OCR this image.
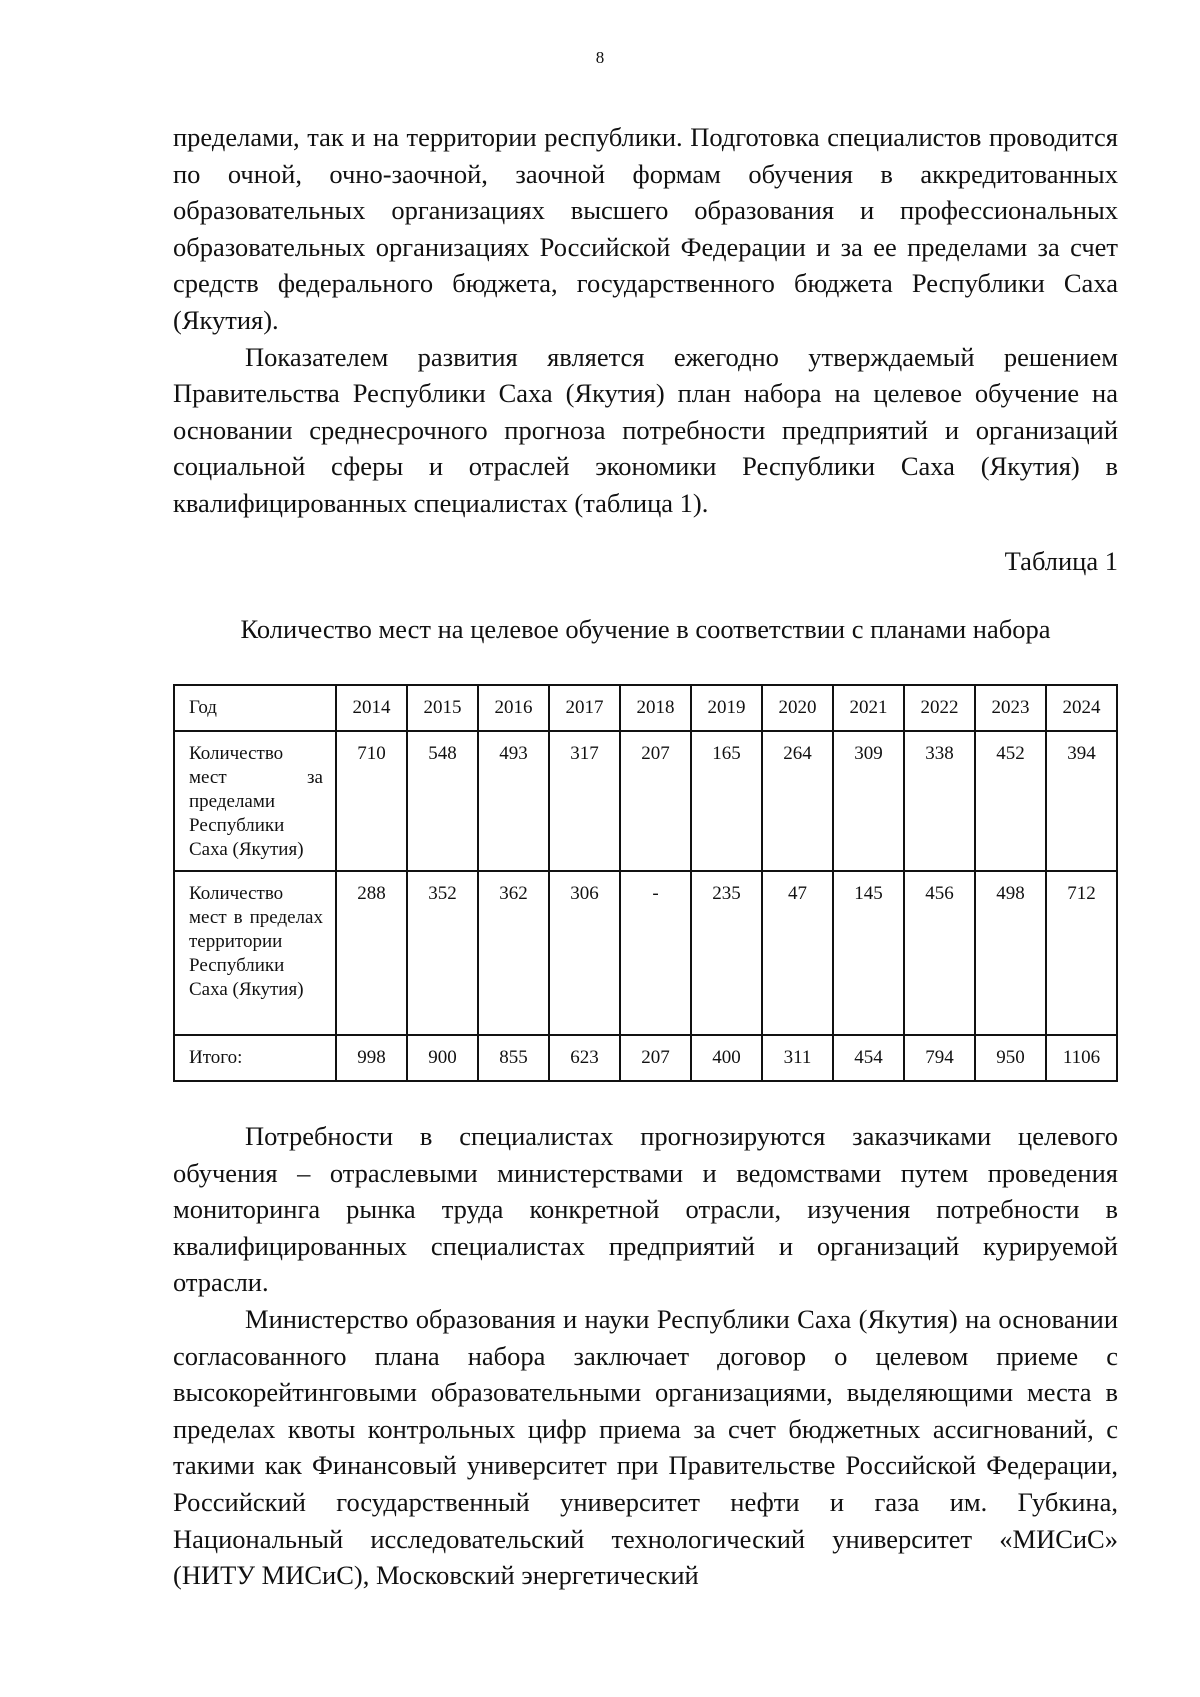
8

пределами, так и на территории республики. Подготовка специалистов проводится по очной, очно-заочной, заочной формам обучения в аккредитованных образовательных организациях высшего образования и профессиональных образовательных организациях Российской Федерации и за ее пределами за счет средств федерального бюджета, государственного бюджета Республики Саха (Якутия).

Показателем развития является ежегодно утверждаемый решением Правительства Республики Саха (Якутия) план набора на целевое обучение на основании среднесрочного прогноза потребности предприятий и организаций социальной сферы и отраслей экономики Республики Саха (Якутия) в квалифицированных специалистах (таблица 1).

Таблица 1
Количество мест на целевое обучение в соответствии с планами набора
Год	2014	2015	2016	2017	2018	2019	2020	2021	2022	2023	2024
Количество мест за пределами Республики Саха (Якутия)	710	548	493	317	207	165	264	309	338	452	394
Количество мест в пределах территории Республики Саха (Якутия)	288	352	362	306	-	235	47	145	456	498	712
Итого:	998	900	855	623	207	400	311	454	794	950	1106

Потребности в специалистах прогнозируются заказчиками целевого обучения – отраслевыми министерствами и ведомствами путем проведения мониторинга рынка труда конкретной отрасли, изучения потребности в квалифицированных специалистах предприятий и организаций курируемой отрасли.

Министерство образования и науки Республики Саха (Якутия) на основании согласованного плана набора заключает договор о целевом приеме с высокорейтинговыми образовательными организациями, выделяющими места в пределах квоты контрольных цифр приема за счет бюджетных ассигнований, с такими как Финансовый университет при Правительстве Российской Федерации, Российский государственный университет нефти и газа им. Губкина, Национальный исследовательский технологический университет «МИСиС» (НИТУ МИСиС), Московский энергетический
